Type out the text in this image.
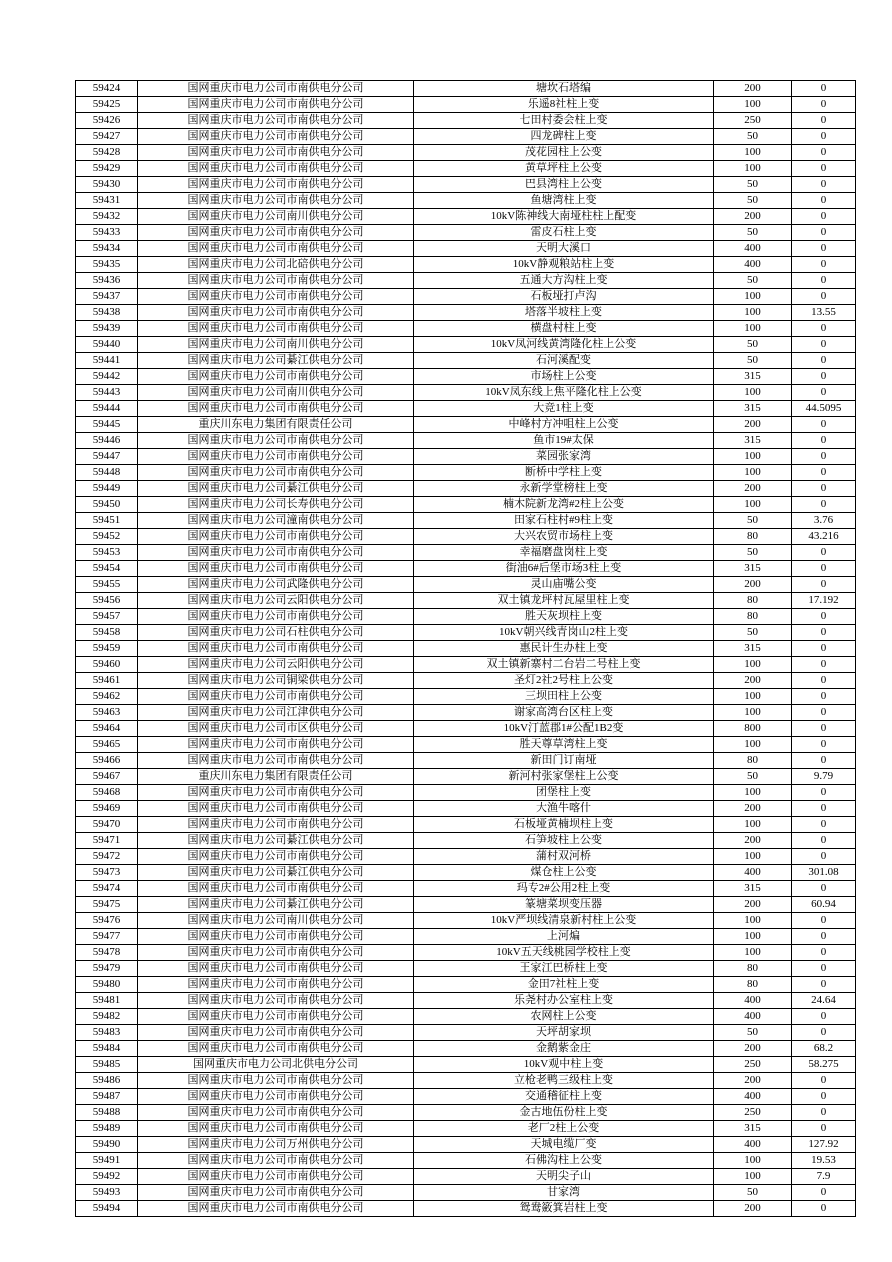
59424	国网重庆市电力公司市南供电分公司	塘坎石塔编	200	0
59425	国网重庆市电力公司市南供电分公司	乐遥8社柱上变	100	0
59426	国网重庆市电力公司市南供电分公司	七田村委会柱上变	250	0
59427	国网重庆市电力公司市南供电分公司	四龙碑柱上变	50	0
59428	国网重庆市电力公司市南供电分公司	茂花园柱上公变	100	0
59429	国网重庆市电力公司市南供电分公司	黄草坪柱上公变	100	0
59430	国网重庆市电力公司市南供电分公司	巴县湾柱上公变	50	0
59431	国网重庆市电力公司市南供电分公司	鱼塘湾柱上变	50	0
59432	国网重庆市电力公司南川供电分公司	10kV陈神线大南垭柱柱上配变	200	0
59433	国网重庆市电力公司市南供电分公司	雷皮石柱上变	50	0
59434	国网重庆市电力公司市南供电分公司	天明大溪口	400	0
59435	国网重庆市电力公司北碚供电分公司	10kV静观粮站柱上变	400	0
59436	国网重庆市电力公司市南供电分公司	五通大方沟柱上变	50	0
59437	国网重庆市电力公司市南供电分公司	石板垭打卢沟	100	0
59438	国网重庆市电力公司市南供电分公司	塔落半坡柱上变	100	13.55
59439	国网重庆市电力公司市南供电分公司	横盘村柱上变	100	0
59440	国网重庆市电力公司南川供电分公司	10kV凤河线黄湾隆化柱上公变	50	0
59441	国网重庆市电力公司綦江供电分公司	石河溪配变	50	0
59442	国网重庆市电力公司市南供电分公司	市场柱上公变	315	0
59443	国网重庆市电力公司南川供电分公司	10kV凤东线上焦平隆化柱上公变	100	0
59444	国网重庆市电力公司市南供电分公司	大竞1柱上变	315	44.5095
59445	重庆川东电力集团有限责任公司	中峰村方冲咀柱上公变	200	0
59446	国网重庆市电力公司市南供电分公司	鱼市19#太保	315	0
59447	国网重庆市电力公司市南供电分公司	菜园张家湾	100	0
59448	国网重庆市电力公司市南供电分公司	断桥中学柱上变	100	0
59449	国网重庆市电力公司綦江供电分公司	永新学堂榜柱上变	200	0
59450	国网重庆市电力公司长寿供电分公司	楠木院新龙湾#2柱上公变	100	0
59451	国网重庆市电力公司潼南供电分公司	田家石柱村#9柱上变	50	3.76
59452	国网重庆市电力公司市南供电分公司	大兴农贸市场柱上变	80	43.216
59453	国网重庆市电力公司市南供电分公司	幸福磨盘岗柱上变	50	0
59454	国网重庆市电力公司市南供电分公司	街油6#后堡市场3柱上变	315	0
59455	国网重庆市电力公司武隆供电分公司	灵山庙嘴公变	200	0
59456	国网重庆市电力公司云阳供电分公司	双土镇龙坪村瓦屋里柱上变	80	17.192
59457	国网重庆市电力公司市南供电分公司	胜天灰坝柱上变	80	0
59458	国网重庆市电力公司石柱供电分公司	10kV朝兴线青岗山2柱上变	50	0
59459	国网重庆市电力公司市南供电分公司	惠民计生办柱上变	315	0
59460	国网重庆市电力公司云阳供电分公司	双土镇新寨村二台岩二号柱上变	100	0
59461	国网重庆市电力公司铜梁供电分公司	圣灯2社2号柱上公变	200	0
59462	国网重庆市电力公司市南供电分公司	三坝田柱上公变	100	0
59463	国网重庆市电力公司江津供电分公司	谢家高湾台区柱上变	100	0
59464	国网重庆市电力公司市区供电分公司	10kV汀蓝郡1#公配1B2变	800	0
59465	国网重庆市电力公司市南供电分公司	胜天尊草湾柱上变	100	0
59466	国网重庆市电力公司市南供电分公司	新田门订南垭	80	0
59467	重庆川东电力集团有限责任公司	新河村张家堡柱上公变	50	9.79
59468	国网重庆市电力公司市南供电分公司	团堡柱上变	100	0
59469	国网重庆市电力公司市南供电分公司	大渔牛喀什	200	0
59470	国网重庆市电力公司市南供电分公司	石板垭黄楠坝柱上变	100	0
59471	国网重庆市电力公司綦江供电分公司	石笋坡柱上公变	200	0
59472	国网重庆市电力公司市南供电分公司	蒲村双河桥	100	0
59473	国网重庆市电力公司綦江供电分公司	煤仓柱上公变	400	301.08
59474	国网重庆市电力公司市南供电分公司	玛专2#公用2柱上变	315	0
59475	国网重庆市电力公司綦江供电分公司	篆塘菜坝变压器	200	60.94
59476	国网重庆市电力公司南川供电分公司	10kV严坝线清泉新村柱上公变	100	0
59477	国网重庆市电力公司市南供电分公司	上河煸	100	0
59478	国网重庆市电力公司市南供电分公司	10kV五天线桃园学校柱上变	100	0
59479	国网重庆市电力公司市南供电分公司	王家江巴桥柱上变	80	0
59480	国网重庆市电力公司市南供电分公司	金田7社柱上变	80	0
59481	国网重庆市电力公司市南供电分公司	乐尧村办公室柱上变	400	24.64
59482	国网重庆市电力公司市南供电分公司	农网柱上公变	400	0
59483	国网重庆市电力公司市南供电分公司	天坪胡家坝	50	0
59484	国网重庆市电力公司市南供电分公司	金鹅紫金庄	200	68.2
59485	国网重庆市电力公司北供电分公司	10kV观中柱上变	250	58.275
59486	国网重庆市电力公司市南供电分公司	立枪老鸭三级柱上变	200	0
59487	国网重庆市电力公司市南供电分公司	交通稽征柱上变	400	0
59488	国网重庆市电力公司市南供电分公司	金古地伍份柱上变	250	0
59489	国网重庆市电力公司市南供电分公司	老厂2柱上公变	315	0
59490	国网重庆市电力公司万州供电分公司	天城电缆厂变	400	127.92
59491	国网重庆市电力公司市南供电分公司	石佛沟柱上公变	100	19.53
59492	国网重庆市电力公司市南供电分公司	天明尖子山	100	7.9
59493	国网重庆市电力公司市南供电分公司	甘家湾	50	0
59494	国网重庆市电力公司市南供电分公司	鸳鸯籢箕岩柱上变	200	0
